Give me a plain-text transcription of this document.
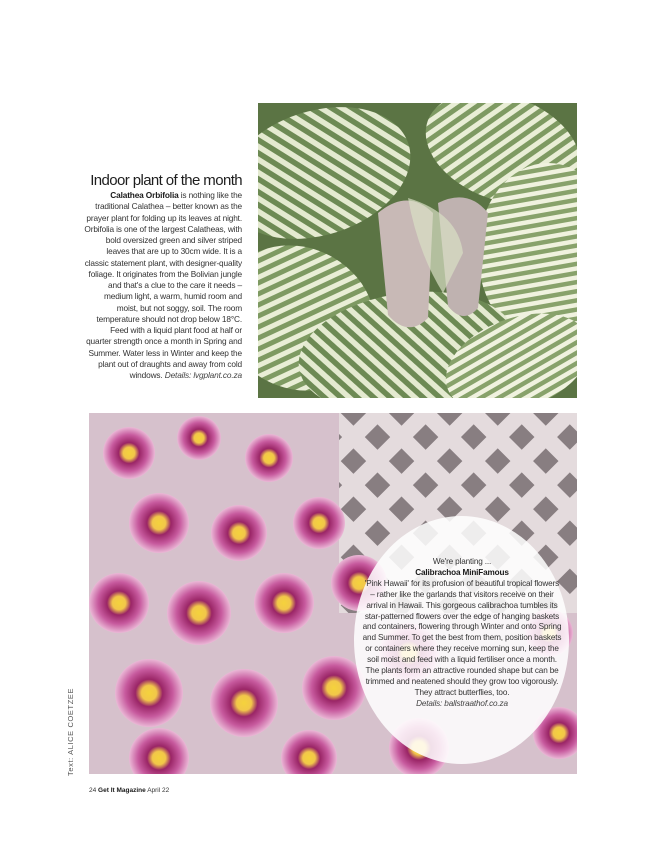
Indoor plant of the month

Calathea Orbifolia is nothing like the traditional Calathea – better known as the prayer plant for folding up its leaves at night. Orbifolia is one of the largest Calatheas, with bold oversized green and silver striped leaves that are up to 30cm wide. It is a classic statement plant, with designer-quality foliage. It originates from the Bolivian jungle and that's a clue to the care it needs – medium light, a warm, humid room and moist, but not soggy, soil. The room temperature should not drop below 18°C. Feed with a liquid plant food at half or quarter strength once a month in Spring and Summer. Water less in Winter and keep the plant out of draughts and away from cold windows. Details: lvgplant.co.za

We're planting ...
Calibrachoa MiniFamous
'Pink Hawaii' for its profusion of beautiful tropical flowers – rather like the garlands that visitors receive on their arrival in Hawaii. This gorgeous calibrachoa tumbles its star-patterned flowers over the edge of hanging baskets and containers, flowering through Winter and onto Spring and Summer. To get the best from them, position baskets or containers where they receive morning sun, keep the soil moist and feed with a liquid fertiliser once a month. The plants form an attractive rounded shape but can be trimmed and neatened should they grow too vigorously. They attract butterflies, too.
Details: ballstraathof.co.za
Text: ALICE COETZEE
24 Get It Magazine April 22
